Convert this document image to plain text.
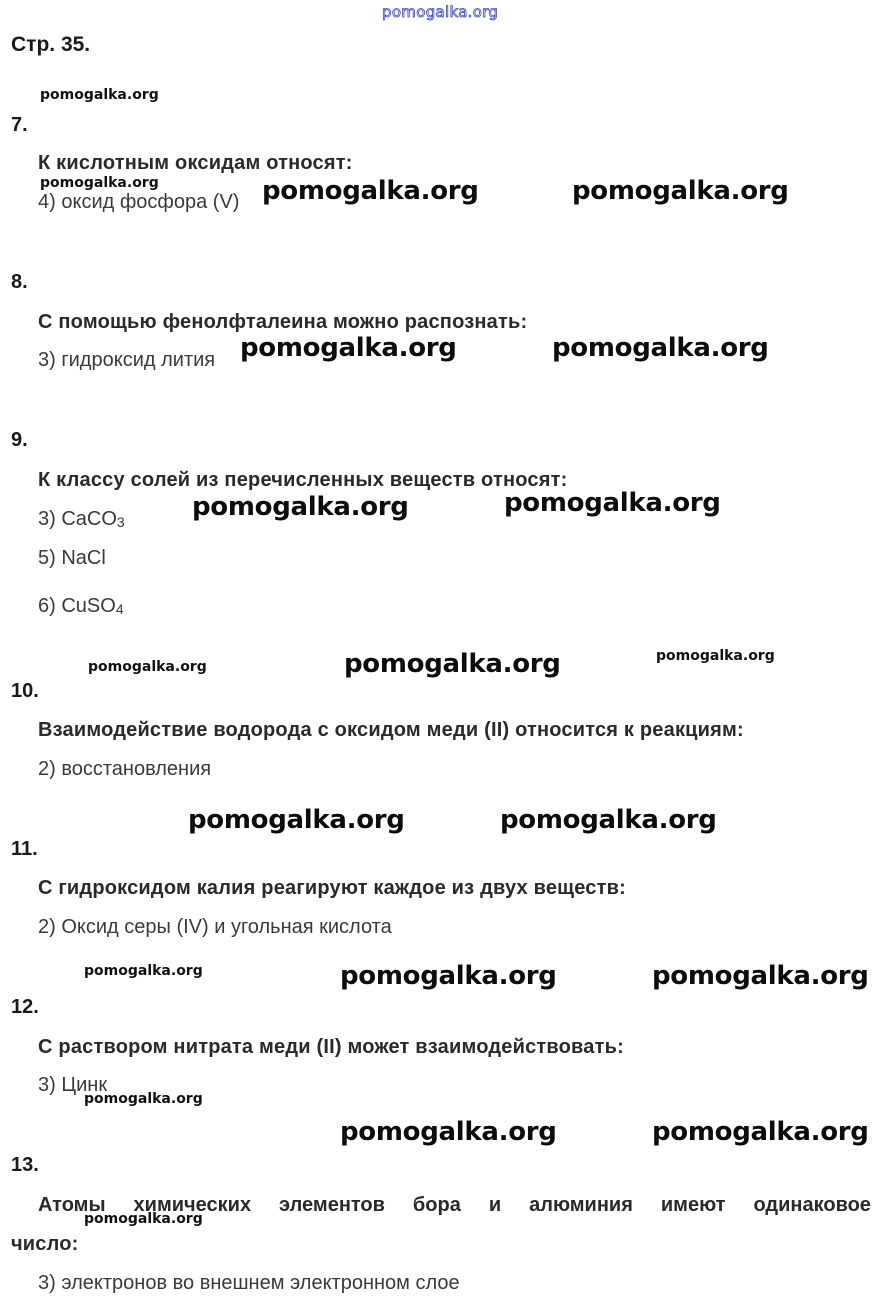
pomogalka.org
Стр. 35.
7.
К кислотным оксидам относят:
4) оксид фосфора (V)
8.
С помощью фенолфталеина можно распознать:
3) гидроксид лития
9.
К классу солей из перечисленных веществ относят:
3) CaCO$_3$
5) NaCl
6) CuSO$_4$
10.
Взаимодействие водорода с оксидом меди (II) относится к реакциям:
2) восстановления
11.
С гидроксидом калия реагируют каждое из двух веществ:
2) Оксид серы (IV) и угольная кислота
12.
С раствором нитрата меди (II) может взаимодействовать:
3) Цинк
13.
Атомы химических элементов бора и алюминия имеют одинаковое
число:
3) электронов во внешнем электронном слое
pomogalka.org
pomogalka.org
pomogalka.org
pomogalka.org
pomogalka.org
pomogalka.org
pomogalka.org
pomogalka.org	pomogalka.org
pomogalka.org	pomogalka.org
pomogalka.org	pomogalka.org
pomogalka.org
pomogalka.org	pomogalka.org
pomogalka.org	pomogalka.org
pomogalka.org	pomogalka.org
